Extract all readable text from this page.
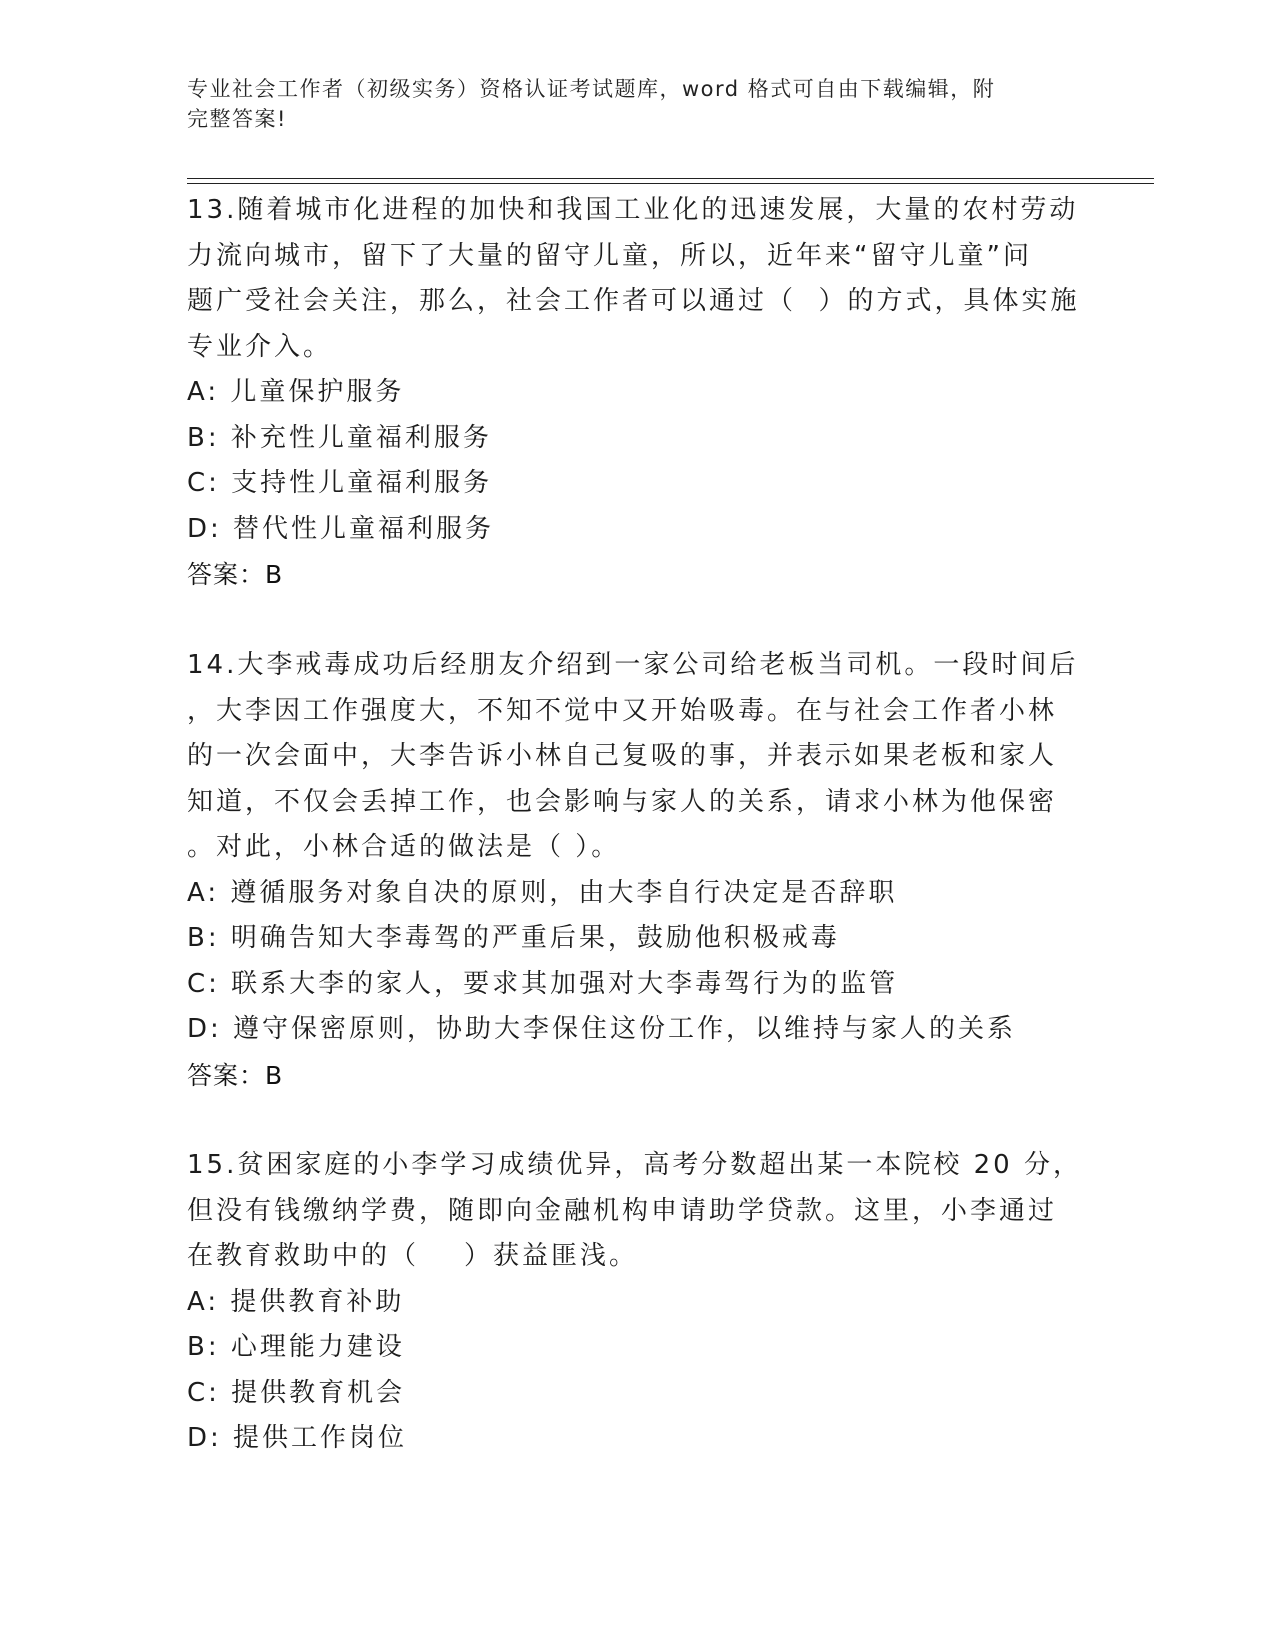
专业社会工作者（初级实务）资格认证考试题库，word 格式可自由下载编辑，附
完整答案!
13.随着城市化进程的加快和我国工业化的迅速发展，大量的农村劳动
力流向城市，留下了大量的留守儿童，所以，近年来“留守儿童”问
题广受社会关注，那么，社会工作者可以通过（  ）的方式，具体实施
专业介入。
A: 儿童保护服务
B: 补充性儿童福利服务
C: 支持性儿童福利服务
D: 替代性儿童福利服务
答案：B
14.大李戒毒成功后经朋友介绍到一家公司给老板当司机。一段时间后
，大李因工作强度大，不知不觉中又开始吸毒。在与社会工作者小林
的一次会面中，大李告诉小林自己复吸的事，并表示如果老板和家人
知道，不仅会丢掉工作，也会影响与家人的关系，请求小林为他保密
。对此，小林合适的做法是（ ）。
A: 遵循服务对象自决的原则，由大李自行决定是否辞职
B: 明确告知大李毒驾的严重后果，鼓励他积极戒毒
C: 联系大李的家人，要求其加强对大李毒驾行为的监管
D: 遵守保密原则，协助大李保住这份工作，以维持与家人的关系
答案：B
15.贫困家庭的小李学习成绩优异，高考分数超出某一本院校 20 分，
但没有钱缴纳学费，随即向金融机构申请助学贷款。这里，小李通过
在教育救助中的（    ）获益匪浅。
A: 提供教育补助
B: 心理能力建设
C: 提供教育机会
D: 提供工作岗位
